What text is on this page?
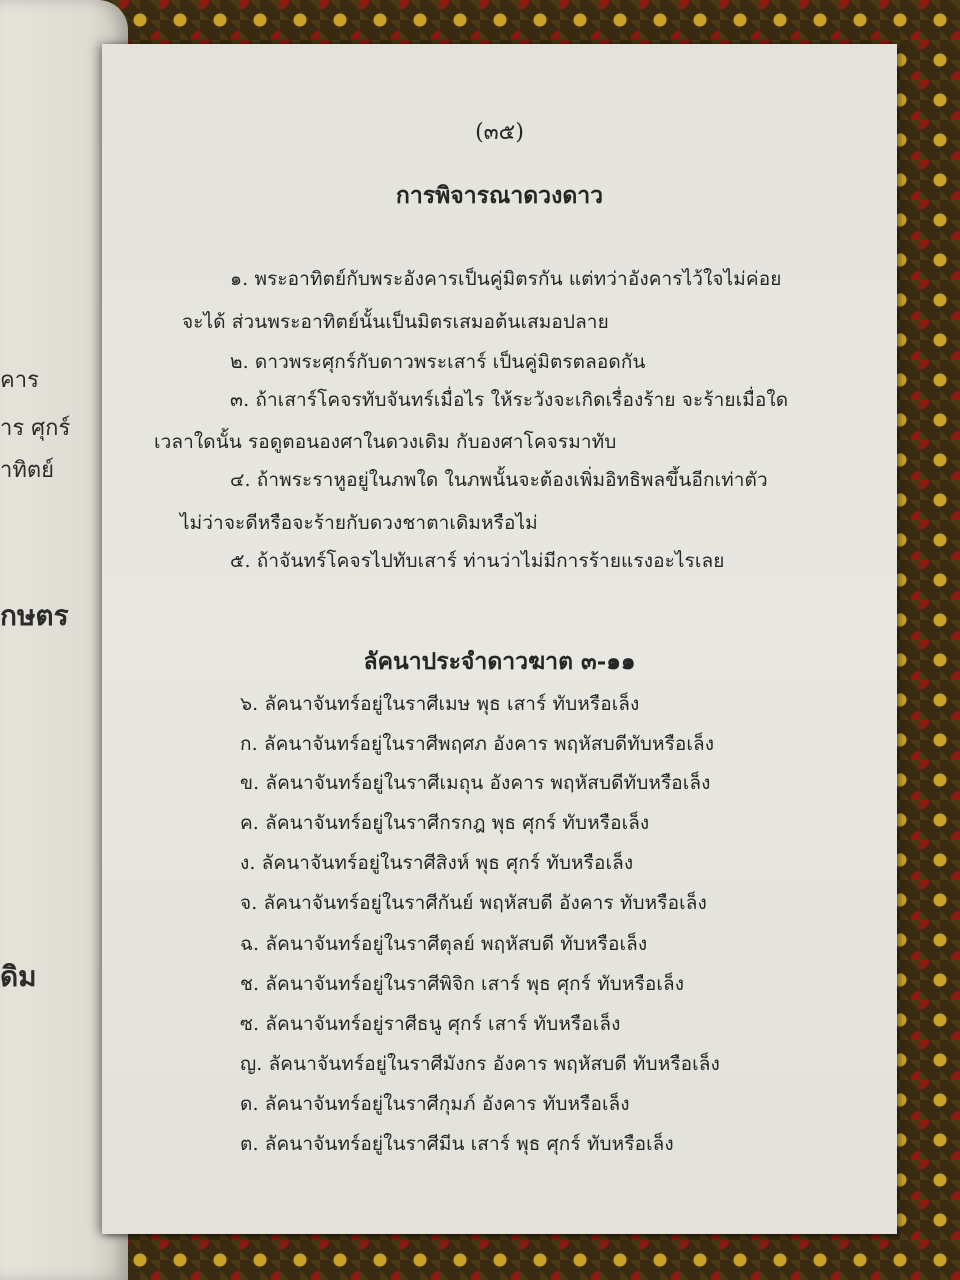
คาร
าร ศุกร์
าทิตย์
กษตร
ดิม
(๓๕)
การพิจารณาดวงดาว
๑. พระอาทิตย์กับพระอังคารเป็นคู่มิตรกัน แต่ทว่าอังคารไว้ใจไม่ค่อย
จะได้ ส่วนพระอาทิตย์นั้นเป็นมิตรเสมอต้นเสมอปลาย
๒. ดาวพระศุกร์กับดาวพระเสาร์ เป็นคู่มิตรตลอดกัน
๓. ถ้าเสาร์โคจรทับจันทร์เมื่อไร ให้ระวังจะเกิดเรื่องร้าย จะร้ายเมื่อใด
เวลาใดนั้น รอดูตอนองศาในดวงเดิม กับองศาโคจรมาทับ
๔. ถ้าพระราหูอยู่ในภพใด ในภพนั้นจะต้องเพิ่มอิทธิพลขึ้นอีกเท่าตัว
ไม่ว่าจะดีหรือจะร้ายกับดวงชาตาเดิมหรือไม่
๕. ถ้าจันทร์โคจรไปทับเสาร์ ท่านว่าไม่มีการร้ายแรงอะไรเลย
ลัคนาประจำดาวฆาต ๓-๑๑
๖. ลัคนาจันทร์อยู่ในราศีเมษ พุธ เสาร์ ทับหรือเล็ง
ก. ลัคนาจันทร์อยู่ในราศีพฤศภ อังคาร พฤหัสบดีทับหรือเล็ง
ข. ลัคนาจันทร์อยู่ในราศีเมถุน อังคาร พฤหัสบดีทับหรือเล็ง
ค. ลัคนาจันทร์อยู่ในราศีกรกฎ พุธ ศุกร์ ทับหรือเล็ง
ง. ลัคนาจันทร์อยู่ในราศีสิงห์ พุธ ศุกร์ ทับหรือเล็ง
จ. ลัคนาจันทร์อยู่ในราศีกันย์ พฤหัสบดี อังคาร ทับหรือเล็ง
ฉ. ลัคนาจันทร์อยู่ในราศีตุลย์ พฤหัสบดี ทับหรือเล็ง
ช. ลัคนาจันทร์อยู่ในราศีพิจิก เสาร์ พุธ ศุกร์ ทับหรือเล็ง
ซ. ลัคนาจันทร์อยู่ราศีธนู ศุกร์ เสาร์ ทับหรือเล็ง
ญ. ลัคนาจันทร์อยู่ในราศีมังกร อังคาร พฤหัสบดี ทับหรือเล็ง
ด. ลัคนาจันทร์อยู่ในราศีกุมภ์ อังคาร ทับหรือเล็ง
ต. ลัคนาจันทร์อยู่ในราศีมีน เสาร์ พุธ ศุกร์ ทับหรือเล็ง
